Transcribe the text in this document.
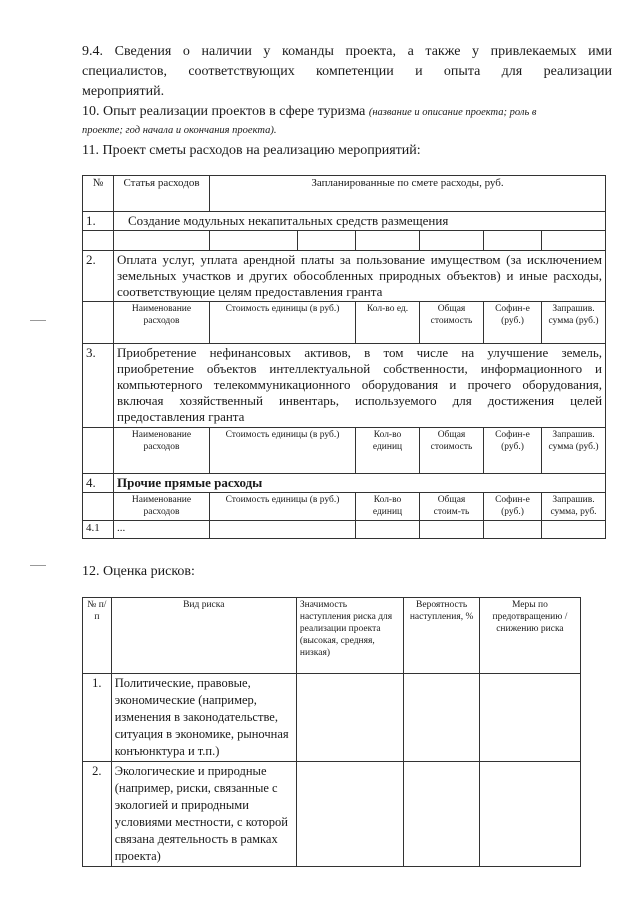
9.4. Сведения о наличии у команды проекта, а также у привлекаемых ими
специалистов, соответствующих компетенции и опыта для реализации
мероприятий.
10. Опыт реализации проектов в сфере туризма (название и описание проекта; роль в
проекте; год начала и окончания проекта).
11. Проект сметы расходов на реализацию мероприятий:
№	Статья расходов	Запланированные по смете расходы, руб.					
1.	Создание модульных некапитальных средств размещения						

2.	Оплата услуг, уплата арендной платы за пользование имуществом (за исключением земельных участков и других обособленных природных объектов) и иные расходы, соответствующие целям предоставления гранта						
	Наименование расходов	Стоимость единицы (в руб.)		Кол-во ед.	Общая стоимость	Софин-е (руб.)	Запрашив. сумма (руб.)
3.	Приобретение нефинансовых активов, в том числе на улучшение земель, приобретение объектов интеллектуальной собственности, информационного и компьютерного телекоммуникационного оборудования и прочего оборудования, включая хозяйственный инвентарь, используемого для достижения целей предоставления гранта						
	Наименование расходов	Стоимость единицы (в руб.)		Кол-во единиц	Общая стоимость	Софин-е (руб.)	Запрашив. сумма (руб.)
4.	Прочие прямые расходы						
	Наименование расходов	Стоимость единицы (в руб.)		Кол-во единиц	Общая стоим-ть	Софин-е (руб.)	Запрашив. сумма, руб.
4.1	...						
12. Оценка рисков:
№ п/п	Вид риска	Значимость наступления риска для реализации проекта (высокая, средняя, низкая)	Вероятность наступления, %	Меры по предотвращению / снижению риска
1.	Политические, правовые, экономические (например, изменения в законодательстве, ситуация в экономике, рыночная конъюнктура и т.п.)			
2.	Экологические и природные (например, риски, связанные с экологией и природными условиями местности, с которой связана деятельность в рамках проекта)			
